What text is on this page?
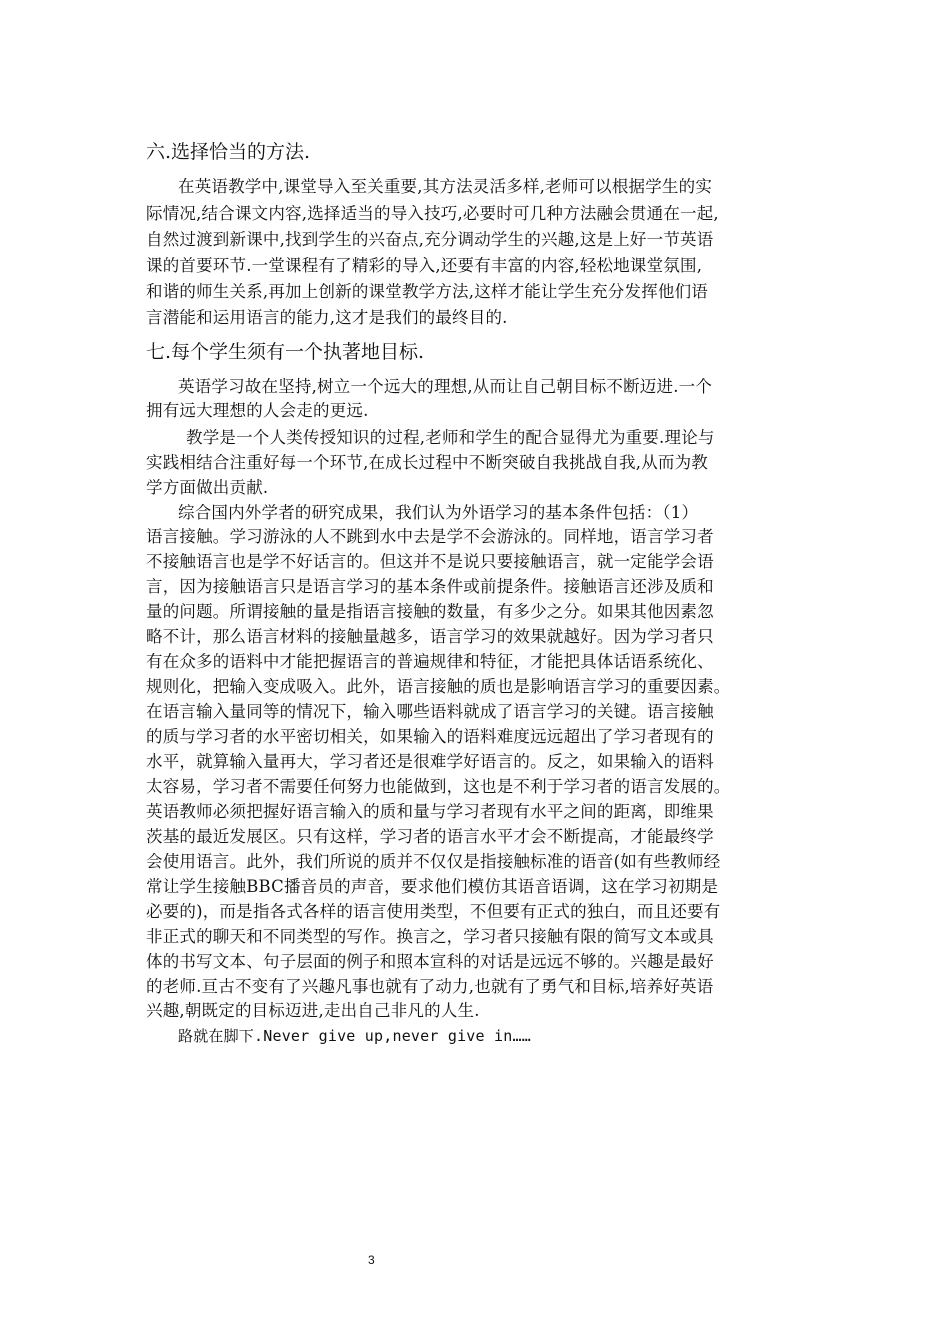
六.选择恰当的方法.
在英语教学中,课堂导入至关重要,其方法灵活多样,老师可以根据学生的实
际情况,结合课文内容,选择适当的导入技巧,必要时可几种方法融会贯通在一起,
自然过渡到新课中,找到学生的兴奋点,充分调动学生的兴趣,这是上好一节英语
课的首要环节.一堂课程有了精彩的导入,还要有丰富的内容,轻松地课堂氛围,
和谐的师生关系,再加上创新的课堂教学方法,这样才能让学生充分发挥他们语
言潜能和运用语言的能力,这才是我们的最终目的.
七.每个学生须有一个执著地目标.
英语学习故在坚持,树立一个远大的理想,从而让自己朝目标不断迈进.一个
拥有远大理想的人会走的更远.
教学是一个人类传授知识的过程,老师和学生的配合显得尤为重要.理论与
实践相结合注重好每一个环节,在成长过程中不断突破自我挑战自我,从而为教
学方面做出贡献.
综合国内外学者的研究成果，我们认为外语学习的基本条件包括：（1）
语言接触。学习游泳的人不跳到水中去是学不会游泳的。同样地，语言学习者
不接触语言也是学不好话言的。但这并不是说只要接触语言，就一定能学会语
言，因为接触语言只是语言学习的基本条件或前提条件。接触语言还涉及质和
量的问题。所谓接触的量是指语言接触的数量，有多少之分。如果其他因素忽
略不计，那么语言材料的接触量越多，语言学习的效果就越好。因为学习者只
有在众多的语料中才能把握语言的普遍规律和特征，才能把具体话语系统化、
规则化，把输入变成吸入。此外，语言接触的质也是影响语言学习的重要因素。
在语言输入量同等的情况下，输入哪些语料就成了语言学习的关键。语言接触
的质与学习者的水平密切相关，如果输入的语料难度远远超出了学习者现有的
水平，就算输入量再大，学习者还是很难学好语言的。反之，如果输入的语料
太容易，学习者不需要任何努力也能做到，这也是不利于学习者的语言发展的。
英语教师必须把握好语言输入的质和量与学习者现有水平之间的距离，即维果
茨基的最近发展区。只有这样，学习者的语言水平才会不断提高，才能最终学
会使用语言。此外，我们所说的质并不仅仅是指接触标准的语音(如有些教师经
常让学生接触BBC播音员的声音，要求他们模仿其语音语调，这在学习初期是
必要的)，而是指各式各样的语言使用类型，不但要有正式的独白，而且还要有
非正式的聊天和不同类型的写作。换言之，学习者只接触有限的简写文本或具
体的书写文本、句子层面的例子和照本宣科的对话是远远不够的。兴趣是最好
的老师.亘古不变有了兴趣凡事也就有了动力,也就有了勇气和目标,培养好英语
兴趣,朝既定的目标迈进,走出自己非凡的人生.
路就在脚下.Never give up,never give in……
3
